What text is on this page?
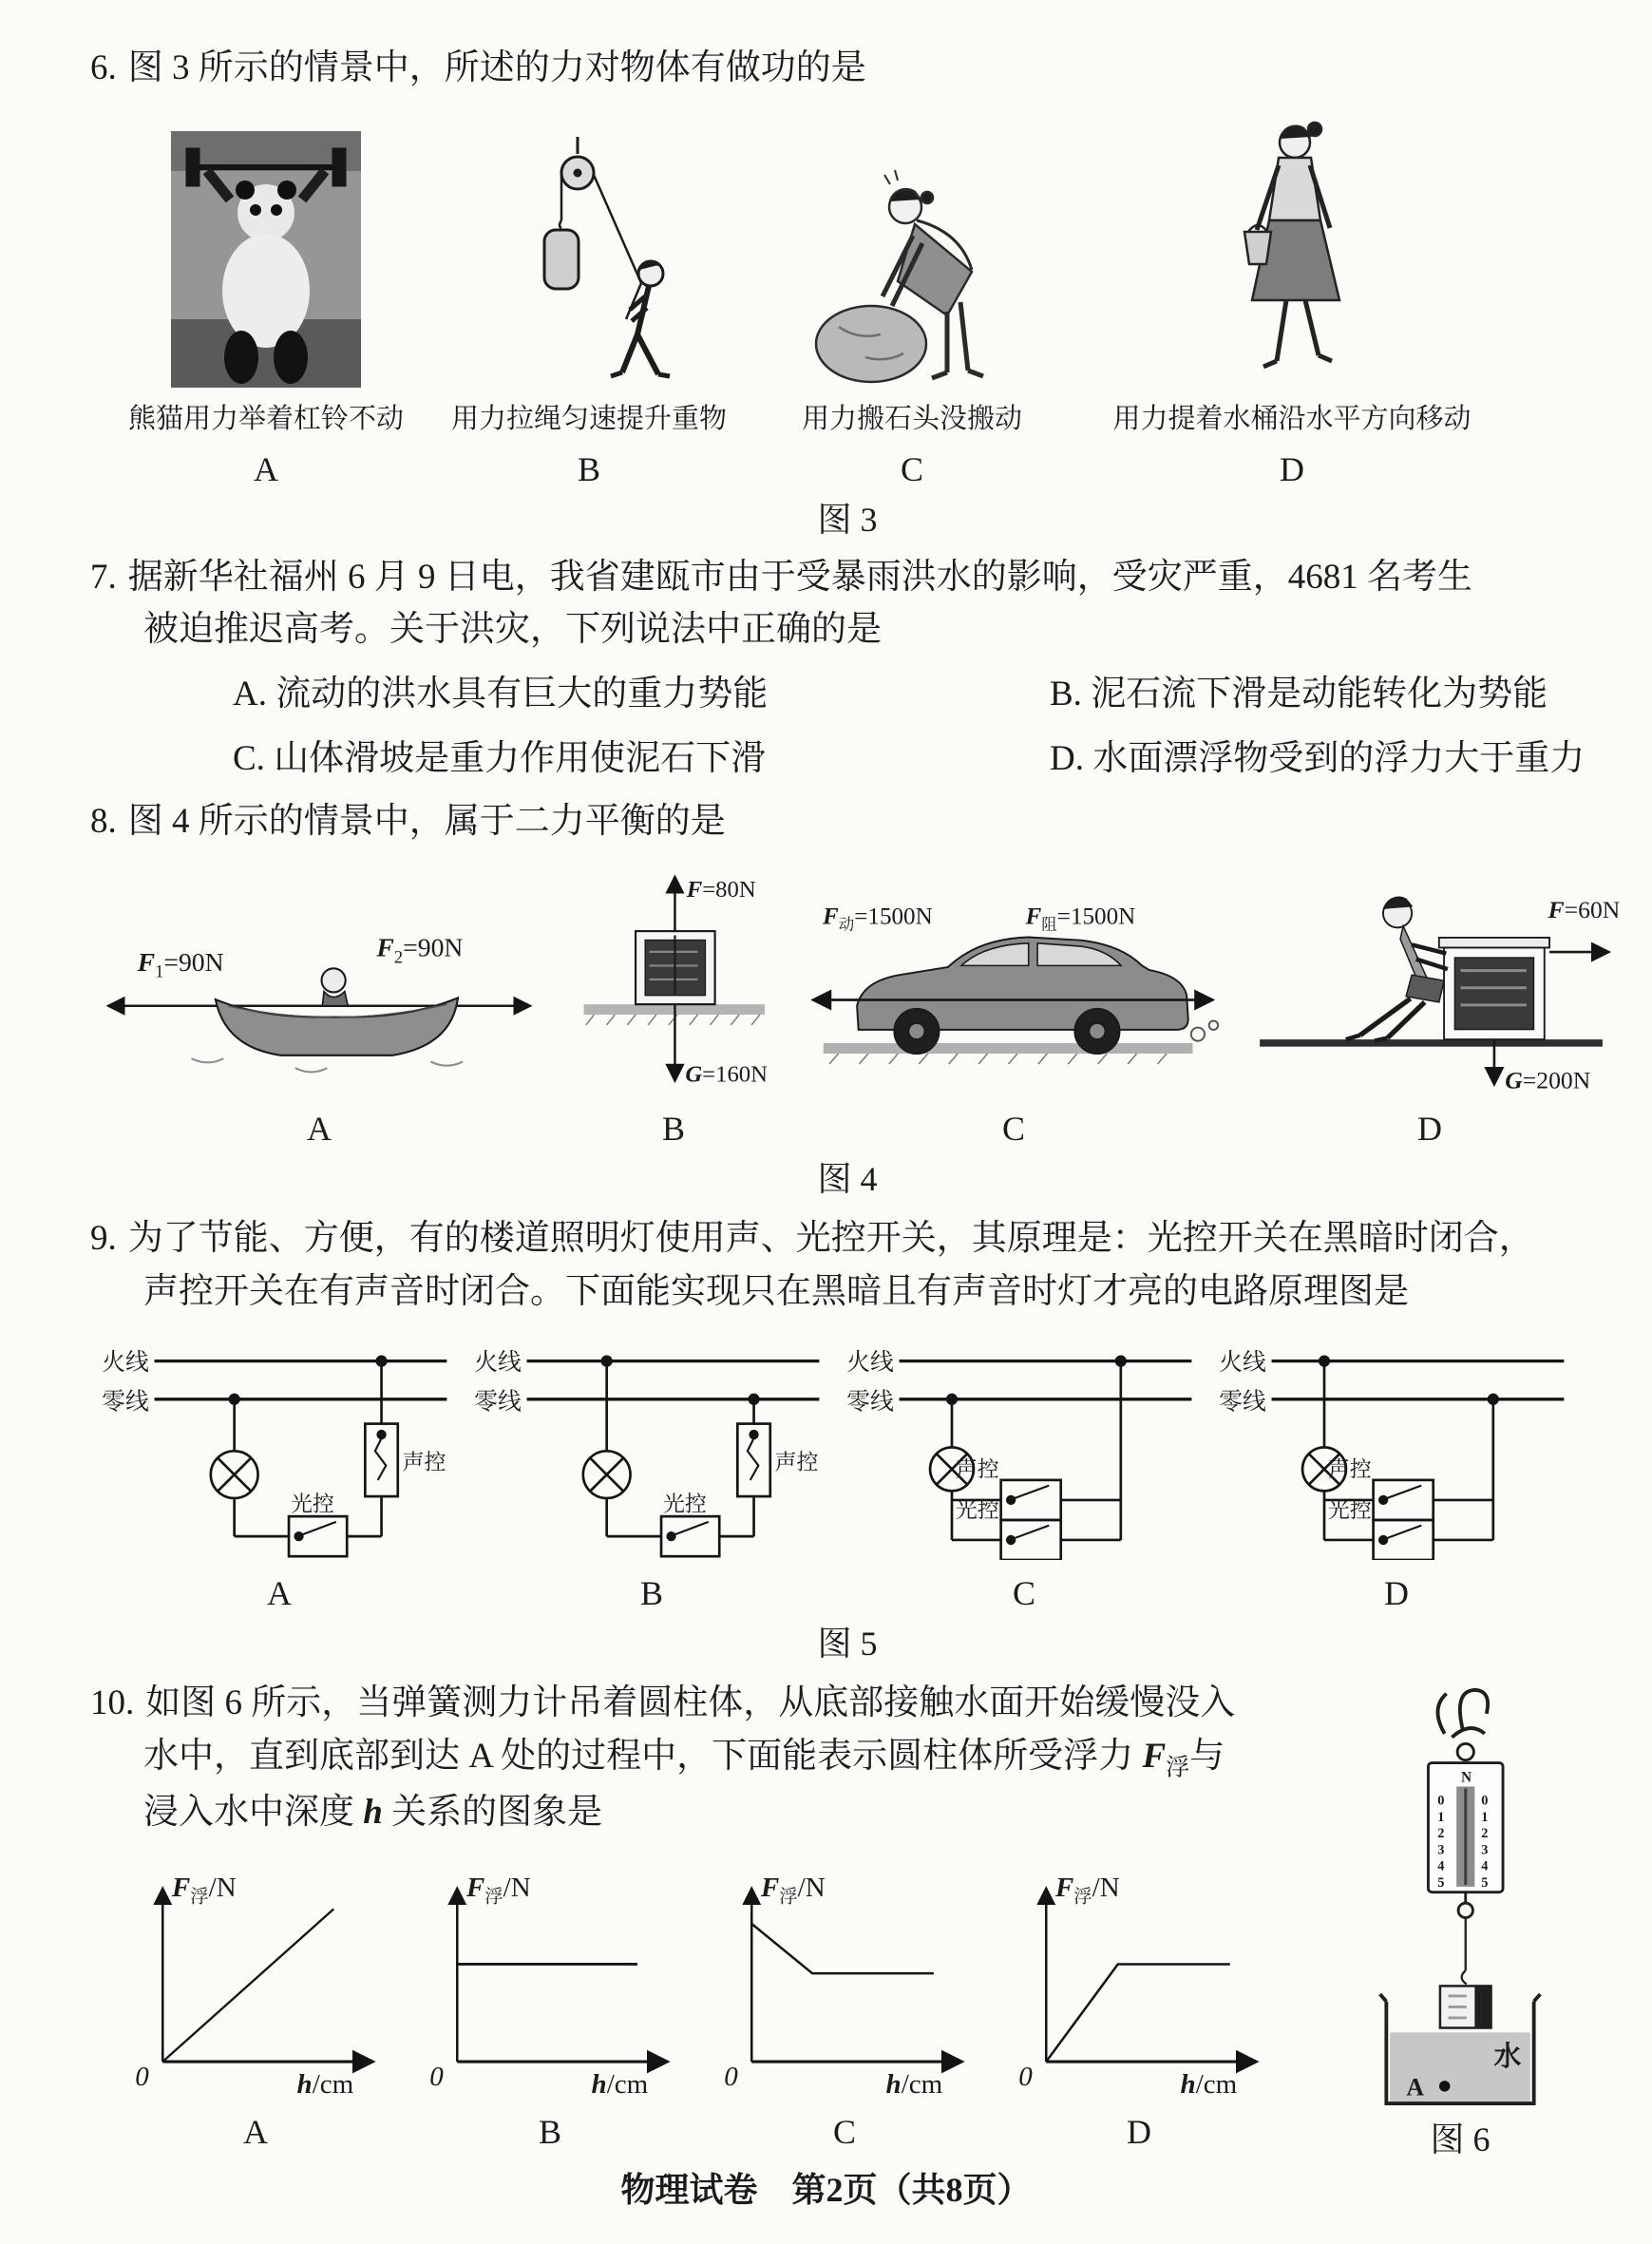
6. 图 3 所示的情景中，所述的力对物体有做功的是
熊猫用力举着杠铃不动
A
用力拉绳匀速提升重物
B
用力搬石头没搬动
C
用力提着水桶沿水平方向移动
D
图 3
7. 据新华社福州 6 月 9 日电，我省建瓯市由于受暴雨洪水的影响，受灾严重，4681 名考生
被迫推迟高考。关于洪灾，下列说法中正确的是
A. 流动的洪水具有巨大的重力势能	B. 泥石流下滑是动能转化为势能
C. 山体滑坡是重力作用使泥石下滑	D. 水面漂浮物受到的浮力大于重力
8. 图 4 所示的情景中，属于二力平衡的是
$F_1=90N$	$F_2=90N$
A
F=80N
G=160N
B
$F_动=1500N$	$F_阻=1500N$
C
F=60N
G=200N
D
图 4
9. 为了节能、方便，有的楼道照明灯使用声、光控开关，其原理是：光控开关在黑暗时闭合，
声控开关在有声音时闭合。下面能实现只在黑暗且有声音时灯才亮的电路原理图是
火线
零线
光控
声控
A
火线
零线
光控
声控
B
火线
零线
声控
光控
C
火线
零线
声控
光控
D
图 5
10. 如图 6 所示，当弹簧测力计吊着圆柱体，从底部接触水面开始缓慢没入
水中，直到底部到达 A 处的过程中，下面能表示圆柱体所受浮力 $F_浮$与
浸入水中深度 h 关系的图象是
N
0
1
2
3
4
5
0
1
2
3
4
5
水
A
图 6
$F_浮/N$
h/cm
0
A
$F_浮/N$
h/cm
0
B
$F_浮/N$
h/cm
0
C
$F_浮/N$
h/cm
0
D
物理试卷　第2页（共8页）
